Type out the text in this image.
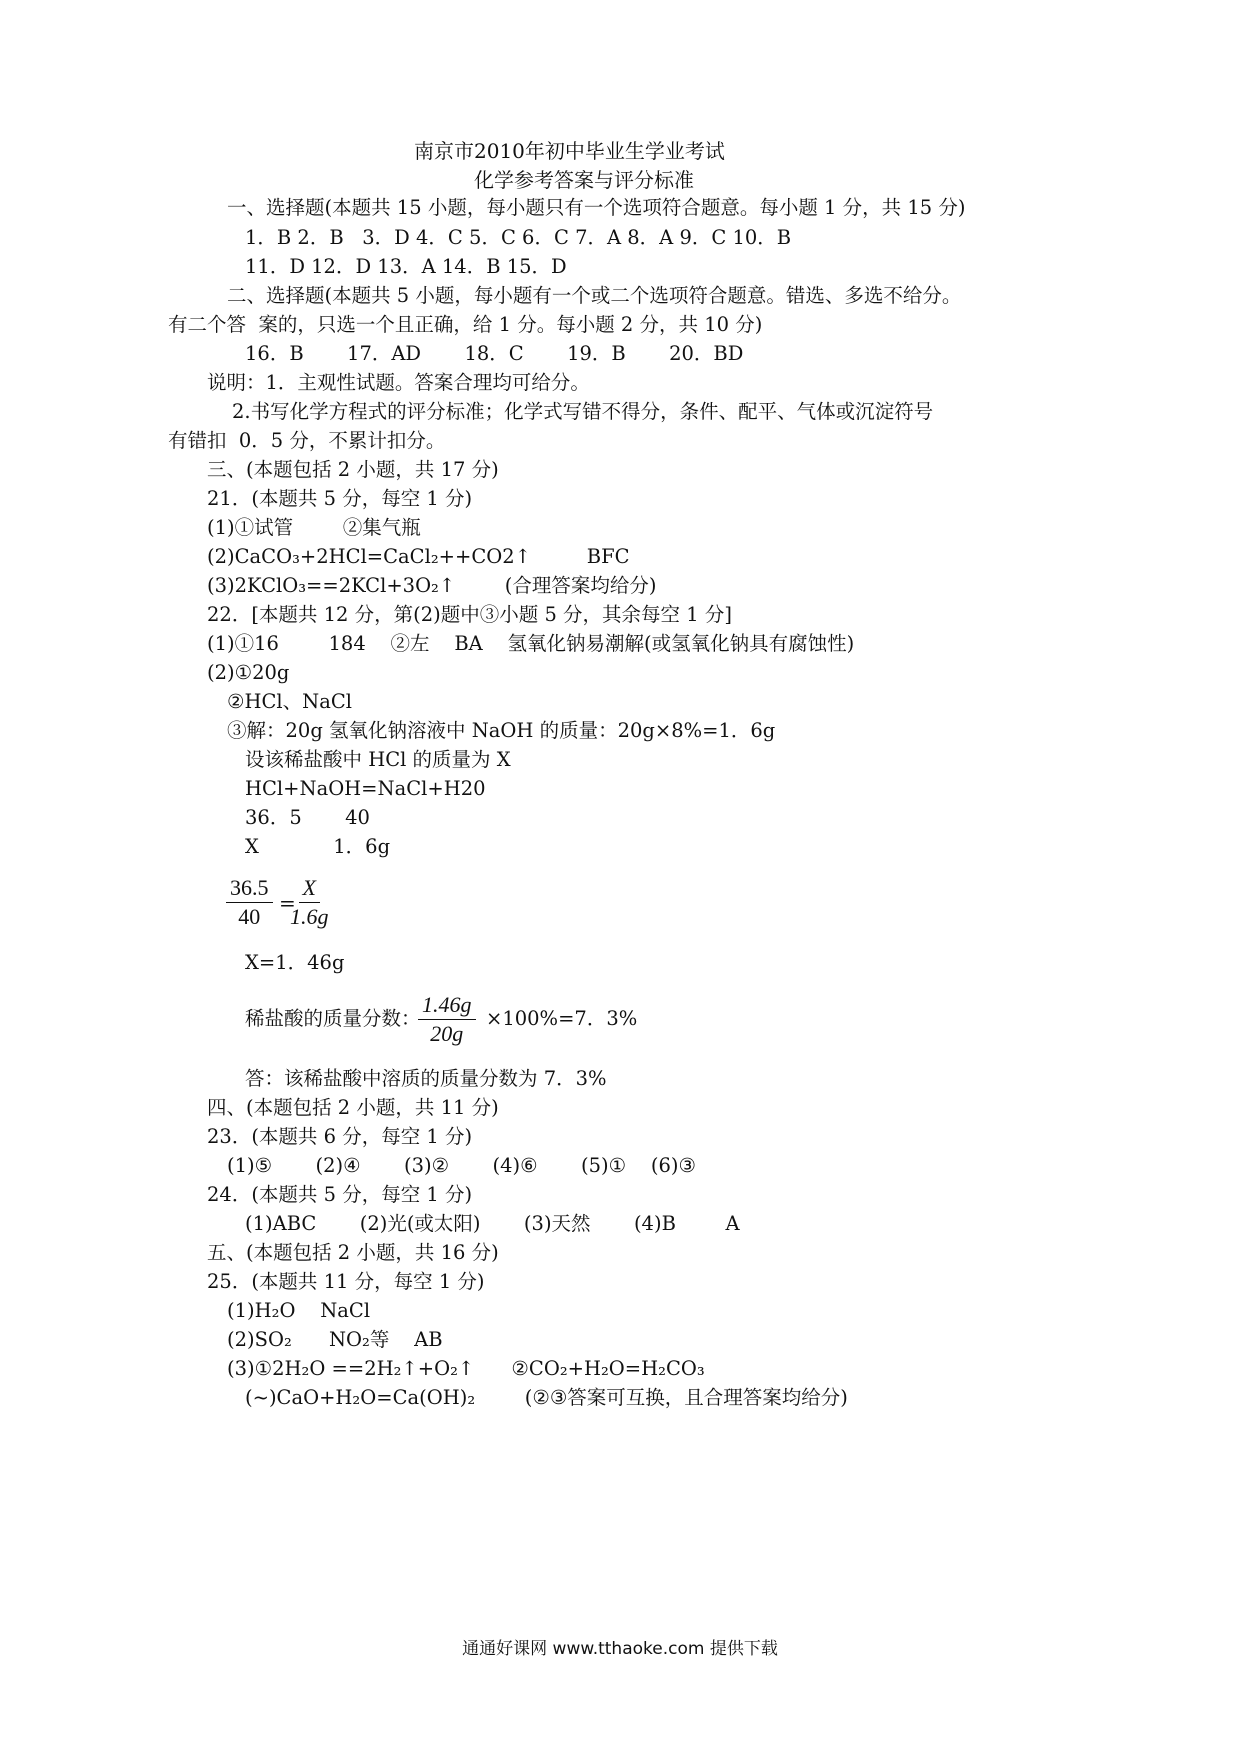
南京市2010年初中毕业生学业考试
化学参考答案与评分标准
一、选择题(本题共 15 小题，每小题只有一个选项符合题意。每小题 1 分，共 15 分)
1．B 2．B   3．D 4．C 5．C 6．C 7．A 8．A 9．C 10．B
11．D 12．D 13．A 14．B 15．D
二、选择题(本题共 5 小题，每小题有一个或二个选项符合题意。错选、多选不给分。
有二个答  案的，只选一个且正确，给 1 分。每小题 2 分，共 10 分)
16．B       17．AD       18．C       19．B       20．BD
说明：1．主观性试题。答案合理均可给分。
2.书写化学方程式的评分标准；化学式写错不得分，条件、配平、气体或沉淀符号
有错扣  0．5 分，不累计扣分。
三、(本题包括 2 小题，共 17 分)
21．(本题共 5 分，每空 1 分)
(1)①试管        ②集气瓶
(2)CaCO₃+2HCl=CaCl₂++CO2↑         BFC
(3)2KClO₃==2KCl+3O₂↑        (合理答案均给分)
22．[本题共 12 分，第(2)题中③小题 5 分，其余每空 1 分]
(1)①16        184    ②左    BA    氢氧化钠易潮解(或氢氧化钠具有腐蚀性)
(2)①20g
②HCl、NaCl
③解：20g 氢氧化钠溶液中 NaOH 的质量：20g×8%=1．6g
设该稀盐酸中 HCl 的质量为 X
HCl+NaOH=NaCl+H20
36．5       40
X            1．6g
$\frac{36.5}{40}$ =
$\frac{X}{1.6g}$
X=1．46g
稀盐酸的质量分数：
$\frac{1.46g}{20g} \times 100\%=7$．3%
答：该稀盐酸中溶质的质量分数为 7．3%
四、(本题包括 2 小题，共 11 分)
23．(本题共 6 分，每空 1 分)
(1)⑤       (2)④       (3)②       (4)⑥       (5)①    (6)③
24．(本题共 5 分，每空 1 分)
(1)ABC       (2)光(或太阳)       (3)天然       (4)B        A
五、(本题包括 2 小题，共 16 分)
25．(本题共 11 分，每空 1 分)
(1)H₂O    NaCl
(2)SO₂      NO₂等    AB
(3)①2H₂O ==2H₂↑+O₂↑      ②CO₂+H₂O=H₂CO₃
(~)CaO+H₂O=Ca(OH)₂        (②③答案可互换，且合理答案均给分)
通通好课网 www.tthaoke.com 提供下载
